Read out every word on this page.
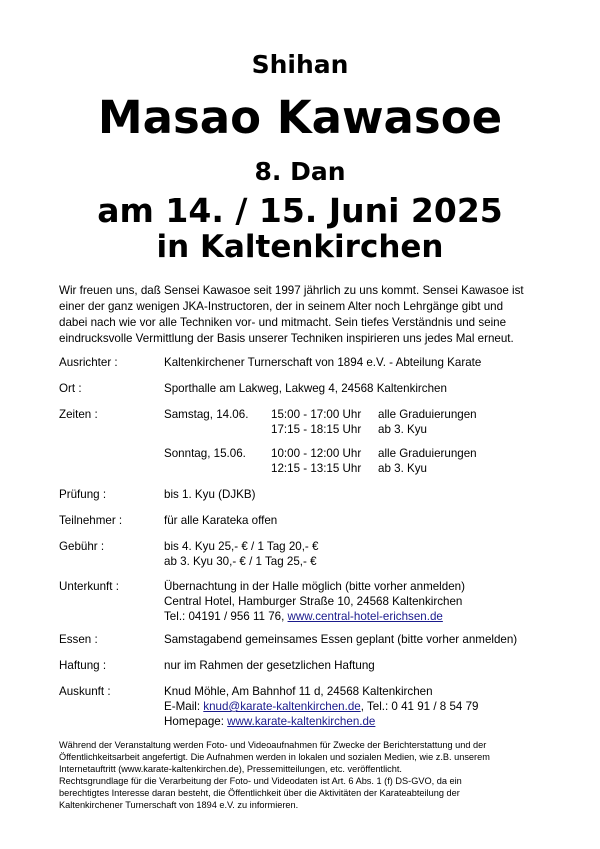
Shihan
Masao Kawasoe
8. Dan
am 14. / 15. Juni 2025
in Kaltenkirchen
Wir freuen uns, daß Sensei Kawasoe seit 1997 jährlich zu uns kommt. Sensei Kawasoe ist
einer der ganz wenigen JKA-Instructoren, der in seinem Alter noch Lehrgänge gibt und
dabei nach wie vor alle Techniken vor- und mitmacht. Sein tiefes Verständnis und seine
eindrucksvolle Vermittlung der Basis unserer Techniken inspirieren uns jedes Mal erneut.
Ausrichter :	Kaltenkirchener Turnerschaft von 1894 e.V. - Abteilung Karate
Ort :	Sporthalle am Lakweg, Lakweg 4, 24568 Kaltenkirchen
Zeiten :	Samstag, 14.06. 15:00 - 17:00 Uhr alle Graduierungen
17:15 - 18:15 Uhr ab 3. Kyu
Sonntag, 15.06. 10:00 - 12:00 Uhr alle Graduierungen
12:15 - 13:15 Uhr ab 3. Kyu
Prüfung :	bis 1. Kyu (DJKB)
Teilnehmer :	für alle Karateka offen
Gebühr :	bis 4. Kyu 25,- € / 1 Tag 20,- €
ab 3. Kyu 30,- € / 1 Tag 25,- €
Unterkunft :	Übernachtung in der Halle möglich (bitte vorher anmelden)
Central Hotel, Hamburger Straße 10, 24568 Kaltenkirchen
Tel.: 04191 / 956 11 76, www.central-hotel-erichsen.de
Essen :	Samstagabend gemeinsames Essen geplant (bitte vorher anmelden)
Haftung :	nur im Rahmen der gesetzlichen Haftung
Auskunft :	Knud Möhle, Am Bahnhof 11 d, 24568 Kaltenkirchen
E-Mail: knud@karate-kaltenkirchen.de, Tel.: 0 41 91 / 8 54 79
Homepage: www.karate-kaltenkirchen.de
Während der Veranstaltung werden Foto- und Videoaufnahmen für Zwecke der Berichterstattung und der
Öffentlichkeitsarbeit angefertigt. Die Aufnahmen werden in lokalen und sozialen Medien, wie z.B. unserem
Internetauftritt (www.karate-kaltenkirchen.de), Pressemitteilungen, etc. veröffentlicht.
Rechtsgrundlage für die Verarbeitung der Foto- und Videodaten ist Art. 6 Abs. 1 (f) DS-GVO, da ein
berechtigtes Interesse daran besteht, die Öffentlichkeit über die Aktivitäten der Karateabteilung der
Kaltenkirchener Turnerschaft von 1894 e.V. zu informieren.
